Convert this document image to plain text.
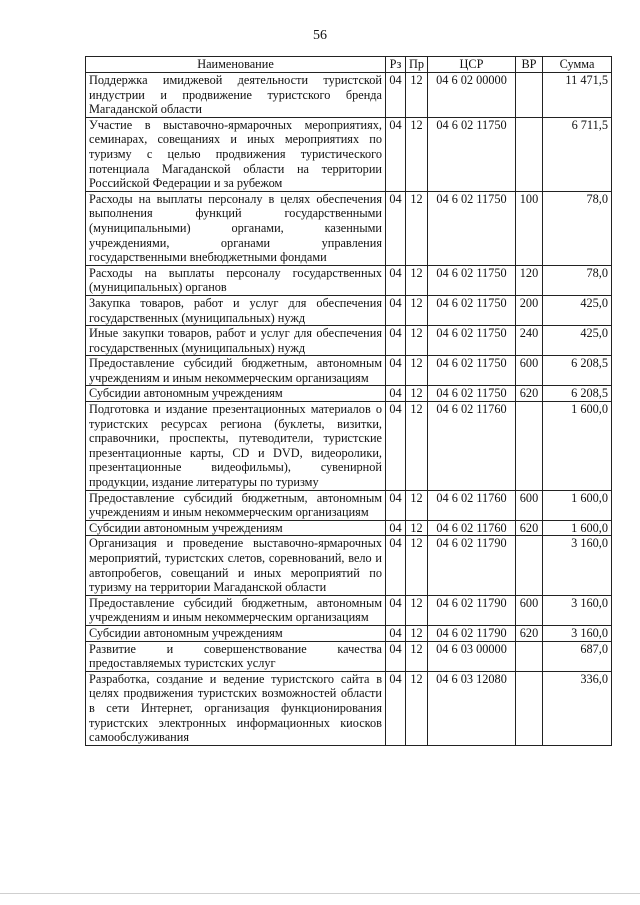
56
Наименование	Рз	Пр	ЦСР	ВР	Сумма
Поддержка имиджевой деятельности туристской индустрии и продвижение туристского бренда Магаданской области	04	12	04 6 02 00000		11 471,5
Участие в выставочно-ярмарочных мероприятиях, семинарах, совещаниях и иных мероприятиях по туризму с целью продвижения туристического потенциала Магаданской области на территории Российской Федерации и за рубежом	04	12	04 6 02 11750		6 711,5
Расходы на выплаты персоналу в целях обеспечения выполнения функций государственными (муниципальными) органами, казенными учреждениями, органами управления государственными внебюджетными фондами	04	12	04 6 02 11750	100	78,0
Расходы на выплаты персоналу государственных (муниципальных) органов	04	12	04 6 02 11750	120	78,0
Закупка товаров, работ и услуг для обеспечения государственных (муниципальных) нужд	04	12	04 6 02 11750	200	425,0
Иные закупки товаров, работ и услуг для обеспечения государственных (муниципальных) нужд	04	12	04 6 02 11750	240	425,0
Предоставление субсидий бюджетным, автономным учреждениям и иным некоммерческим организациям	04	12	04 6 02 11750	600	6 208,5
Субсидии автономным учреждениям	04	12	04 6 02 11750	620	6 208,5
Подготовка и издание презентационных материалов о туристских ресурсах региона (буклеты, визитки, справочники, проспекты, путеводители, туристские презентационные карты, CD и DVD, видеоролики, презентационные видеофильмы), сувенирной продукции, издание литературы по туризму	04	12	04 6 02 11760		1 600,0
Предоставление субсидий бюджетным, автономным учреждениям и иным некоммерческим организациям	04	12	04 6 02 11760	600	1 600,0
Субсидии автономным учреждениям	04	12	04 6 02 11760	620	1 600,0
Организация и проведение выставочно-ярмарочных мероприятий, туристских слетов, соревнований, вело и автопробегов, совещаний и иных мероприятий по туризму на территории Магаданской области	04	12	04 6 02 11790		3 160,0
Предоставление субсидий бюджетным, автономным учреждениям и иным некоммерческим организациям	04	12	04 6 02 11790	600	3 160,0
Субсидии автономным учреждениям	04	12	04 6 02 11790	620	3 160,0
Развитие и совершенствование качества предоставляемых туристских услуг	04	12	04 6 03 00000		687,0
Разработка, создание и ведение туристского сайта в целях продвижения туристских возможностей области в сети Интернет, организация функционирования туристских электронных информационных киосков самообслуживания	04	12	04 6 03 12080		336,0
